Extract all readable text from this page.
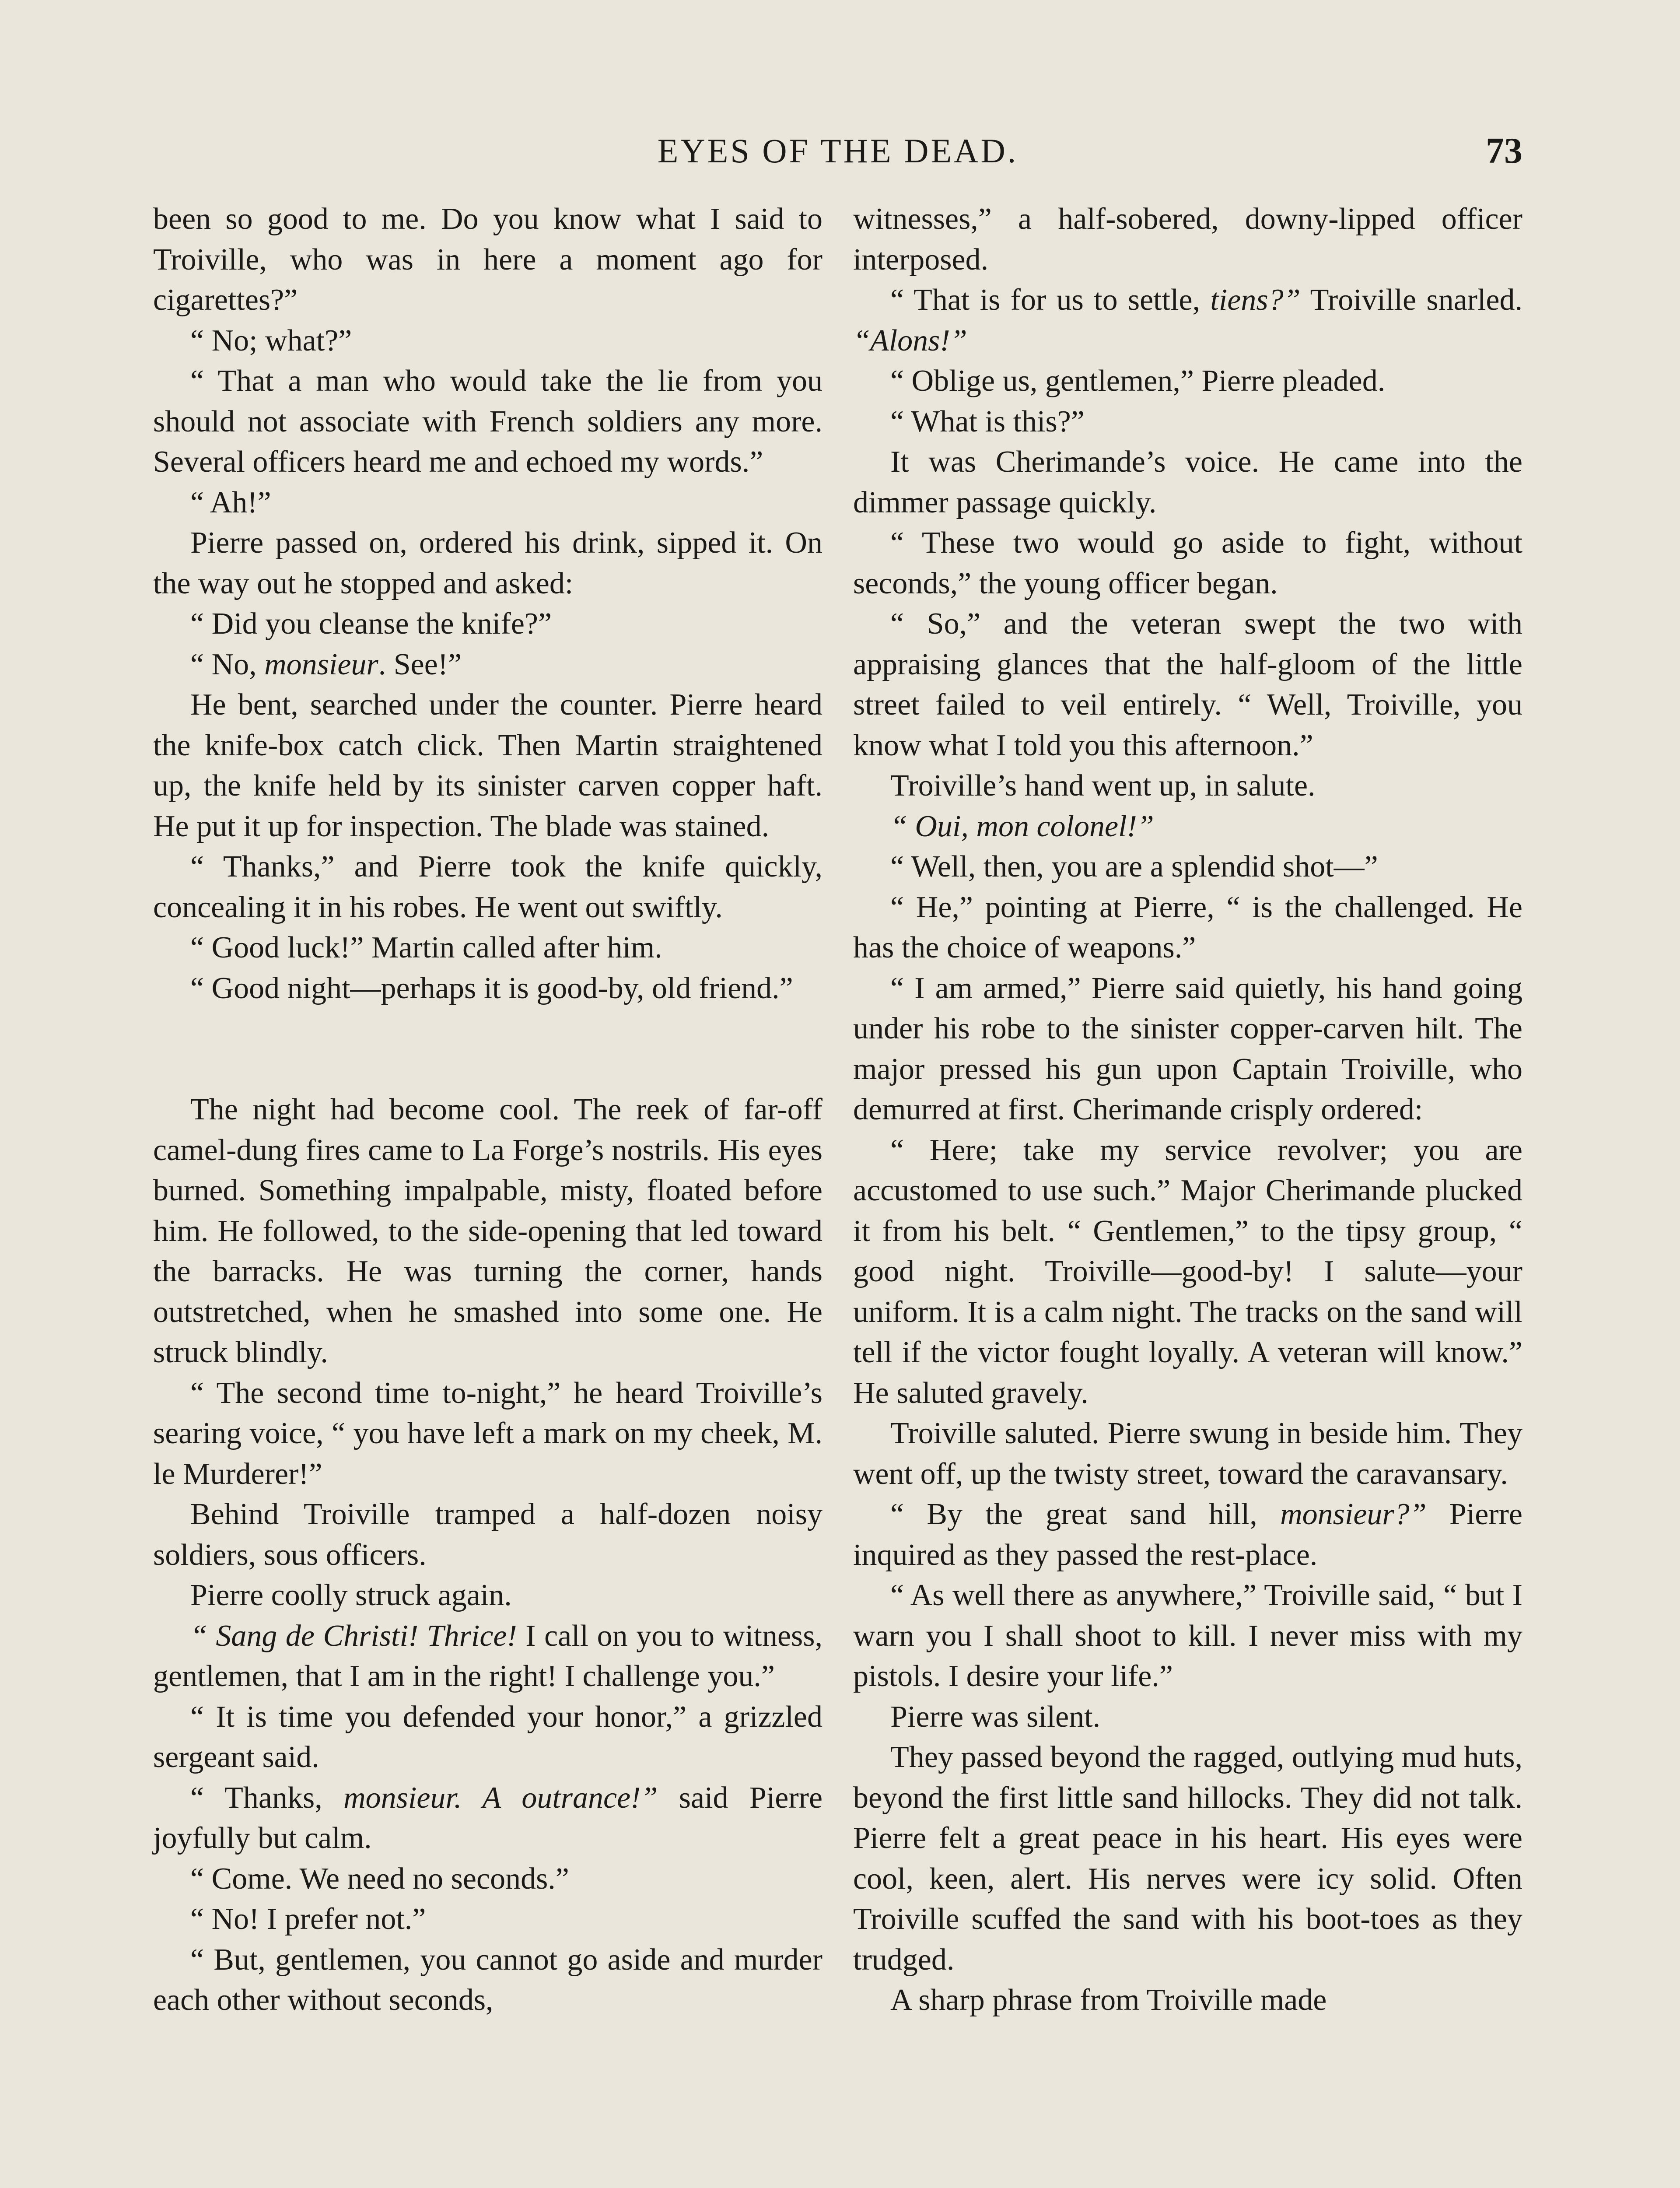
EYES OF THE DEAD.	73

been so good to me. Do you know what I said to Troiville, who was in here a moment ago for cigarettes?”

“ No; what?”

“ That a man who would take the lie from you should not associate with French soldiers any more. Several officers heard me and echoed my words.”

“ Ah!”

Pierre passed on, ordered his drink, sipped it. On the way out he stopped and asked:

“ Did you cleanse the knife?”

“ No, monsieur. See!”

He bent, searched under the counter. Pierre heard the knife-box catch click. Then Martin straightened up, the knife held by its sinister carven copper haft. He put it up for inspection. The blade was stained.

“ Thanks,” and Pierre took the knife quickly, concealing it in his robes. He went out swiftly.

“ Good luck!” Martin called after him.

“ Good night—perhaps it is good-by, old friend.”

The night had become cool. The reek of far-off camel-dung fires came to La Forge’s nostrils. His eyes burned. Something impalpable, misty, floated before him. He followed, to the side-opening that led toward the barracks. He was turning the corner, hands outstretched, when he smashed into some one. He struck blindly.

“ The second time to-night,” he heard Troiville’s searing voice, “ you have left a mark on my cheek, M. le Murderer!”

Behind Troiville tramped a half-dozen noisy soldiers, sous officers.

Pierre coolly struck again.

“ Sang de Christi! Thrice! I call on you to witness, gentlemen, that I am in the right! I challenge you.”

“ It is time you defended your honor,” a grizzled sergeant said.

“ Thanks, monsieur. A outrance!” said Pierre joyfully but calm.

“ Come. We need no seconds.”

“ No! I prefer not.”

“ But, gentlemen, you cannot go aside and murder each other without seconds,

witnesses,” a half-sobered, downy-lipped officer interposed.

“ That is for us to settle, tiens?” Troiville snarled. “Alons!”

“ Oblige us, gentlemen,” Pierre pleaded.

“ What is this?”

It was Cherimande’s voice. He came into the dimmer passage quickly.

“ These two would go aside to fight, without seconds,” the young officer began.

“ So,” and the veteran swept the two with appraising glances that the half-gloom of the little street failed to veil entirely. “ Well, Troiville, you know what I told you this afternoon.”

Troiville’s hand went up, in salute.

“ Oui, mon colonel!”

“ Well, then, you are a splendid shot—”

“ He,” pointing at Pierre, “ is the challenged. He has the choice of weapons.”

“ I am armed,” Pierre said quietly, his hand going under his robe to the sinister copper-carven hilt. The major pressed his gun upon Captain Troiville, who demurred at first. Cherimande crisply ordered:

“ Here; take my service revolver; you are accustomed to use such.” Major Cherimande plucked it from his belt. “ Gentlemen,” to the tipsy group, “ good night. Troiville—good-by! I salute—your uniform. It is a calm night. The tracks on the sand will tell if the victor fought loyally. A veteran will know.” He saluted gravely.

Troiville saluted. Pierre swung in beside him. They went off, up the twisty street, toward the caravansary.

“ By the great sand hill, monsieur?” Pierre inquired as they passed the rest-place.

“ As well there as anywhere,” Troiville said, “ but I warn you I shall shoot to kill. I never miss with my pistols. I desire your life.”

Pierre was silent.

They passed beyond the ragged, outlying mud huts, beyond the first little sand hillocks. They did not talk. Pierre felt a great peace in his heart. His eyes were cool, keen, alert. His nerves were icy solid. Often Troiville scuffed the sand with his boot-toes as they trudged.

A sharp phrase from Troiville made
